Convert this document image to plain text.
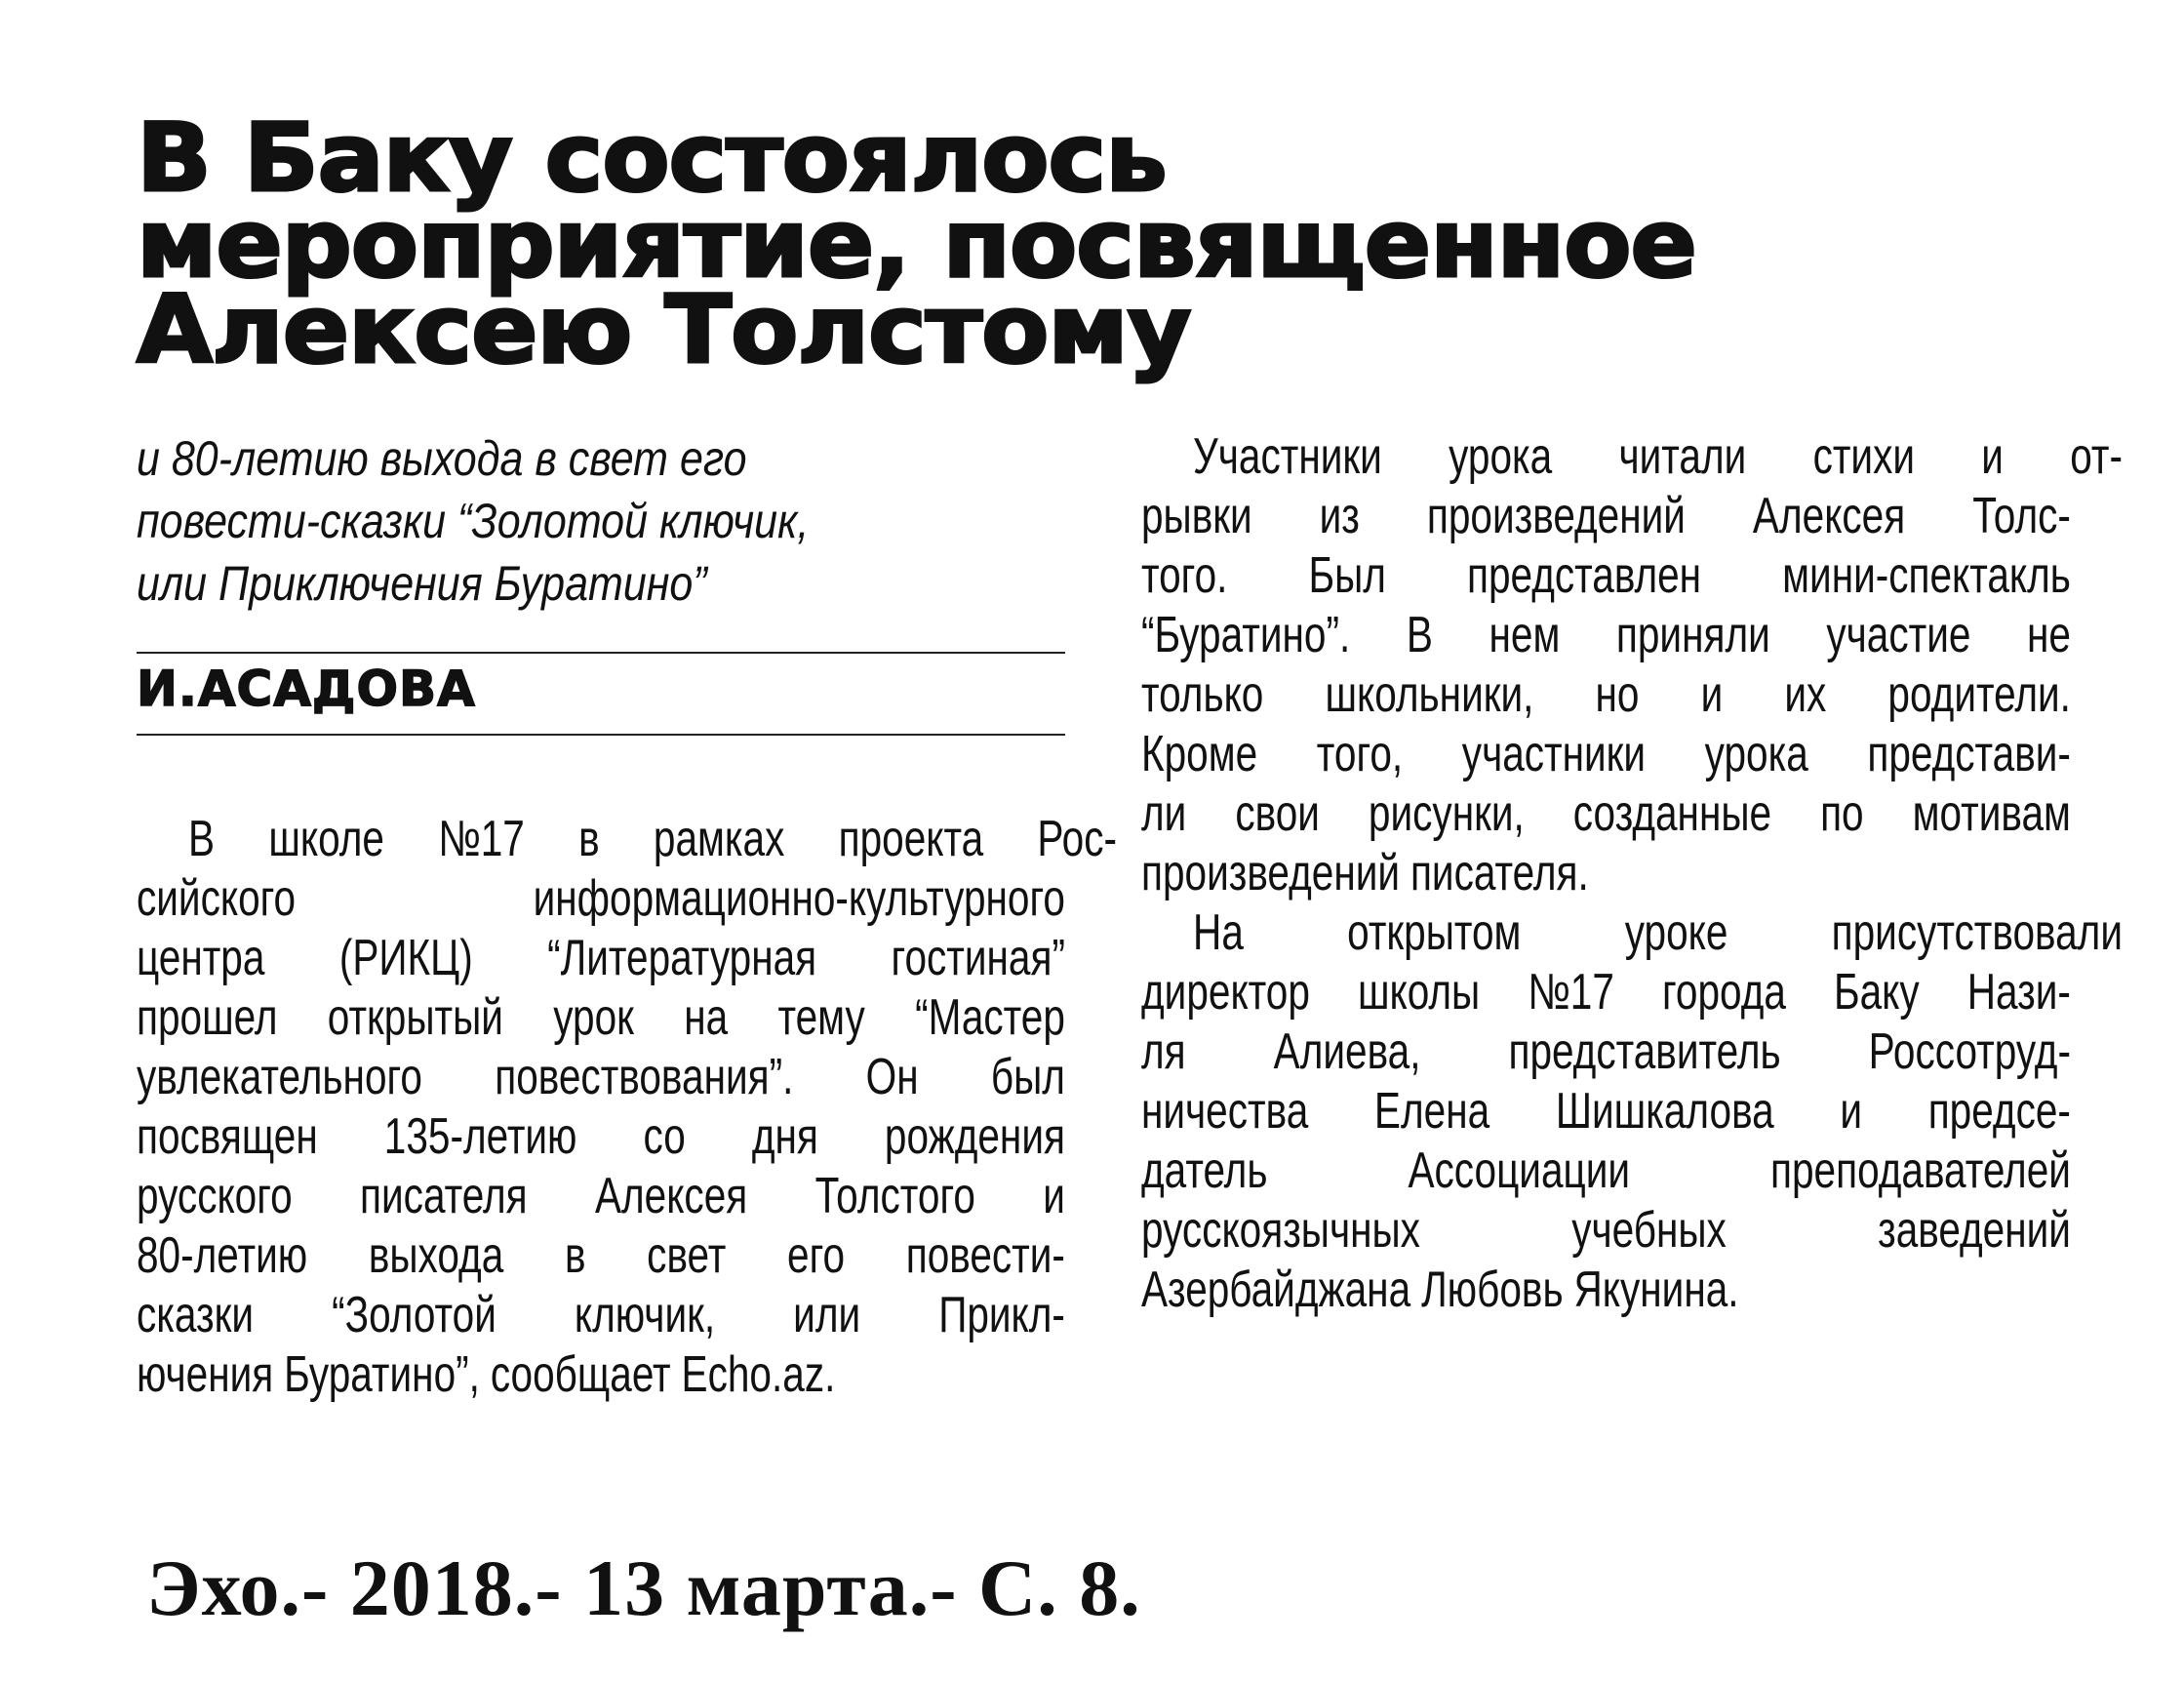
В Баку состоялось
мероприятие, посвященное
Алексею Толстому

и 80-летию выхода в свет его
повести-сказки “Золотой ключик,
или Приключения Буратино”

И.АСАДОВА
В школе №17 в рамках проекта Рос-
сийского	информационно-культурного
центра (РИКЦ) “Литературная гостиная”
прошел открытый урок на тему “Мастер
увлекательного повествования”. Он был
посвящен 135-летию со дня рождения
русского писателя Алексея Толстого и
80-летию выхода в свет его повести-
сказки “Золотой ключик, или Прикл-
ючения Буратино”, сообщает Echo.az.
Участники урока читали стихи и от-
рывки из произведений Алексея Толс-
того. Был представлен мини-спектакль
“Буратино”. В нем приняли участие не
только школьники, но и их родители.
Кроме того, участники урока представи-
ли свои рисунки, созданные по мотивам
произведений писателя.
На открытом уроке присутствовали
директор школы №17 города Баку Нази-
ля Алиева, представитель Россотруд-
ничества Елена Шишкалова и предсе-
датель	Ассоциации	преподавателей
русскоязычных	учебных	заведений
Азербайджана Любовь Якунина.
Эхо.- 2018.- 13 марта.- С. 8.
